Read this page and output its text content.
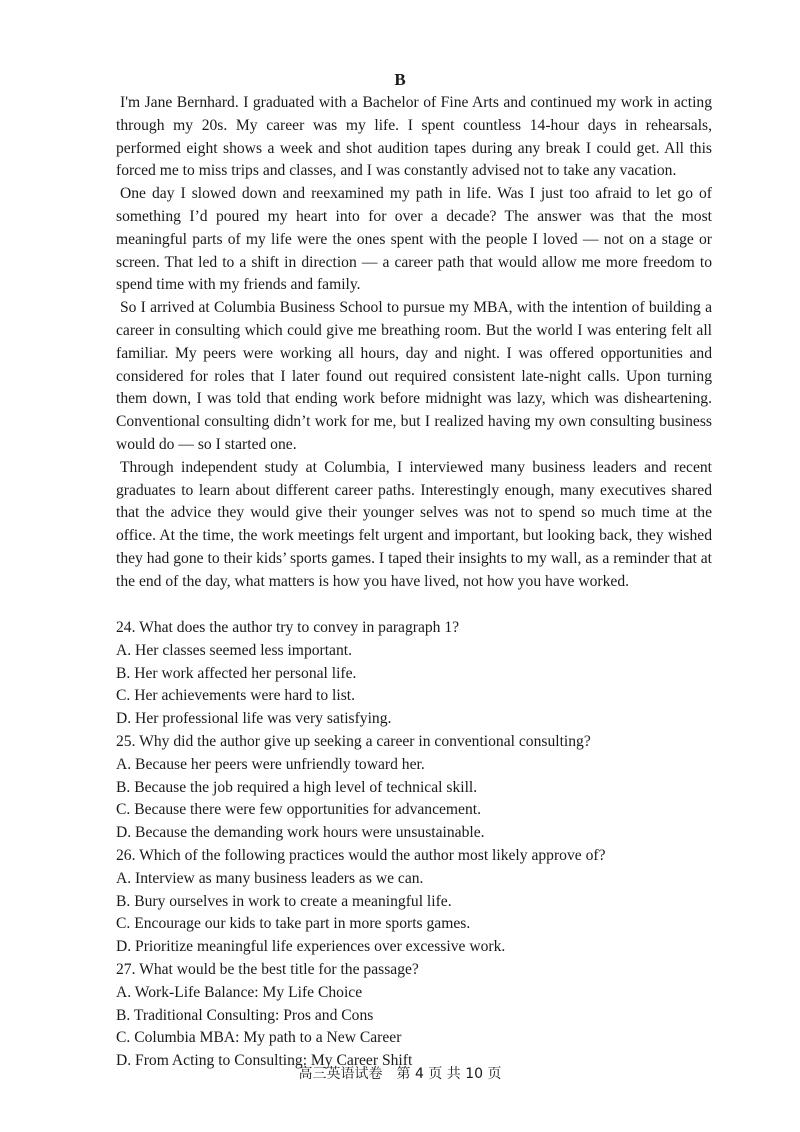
B

I'm Jane Bernhard. I graduated with a Bachelor of Fine Arts and continued my work in acting through my 20s. My career was my life. I spent countless 14-hour days in rehearsals, performed eight shows a week and shot audition tapes during any break I could get. All this forced me to miss trips and classes, and I was constantly advised not to take any vacation.

One day I slowed down and reexamined my path in life. Was I just too afraid to let go of something I’d poured my heart into for over a decade? The answer was that the most meaningful parts of my life were the ones spent with the people I loved — not on a stage or screen. That led to a shift in direction — a career path that would allow me more freedom to spend time with my friends and family.

So I arrived at Columbia Business School to pursue my MBA, with the intention of building a career in consulting which could give me breathing room. But the world I was entering felt all familiar. My peers were working all hours, day and night. I was offered opportunities and considered for roles that I later found out required consistent late-night calls. Upon turning them down, I was told that ending work before midnight was lazy, which was disheartening. Conventional consulting didn’t work for me, but I realized having my own consulting business would do — so I started one.

Through independent study at Columbia, I interviewed many business leaders and recent graduates to learn about different career paths. Interestingly enough, many executives shared that the advice they would give their younger selves was not to spend so much time at the office. At the time, the work meetings felt urgent and important, but looking back, they wished they had gone to their kids’ sports games. I taped their insights to my wall, as a reminder that at the end of the day, what matters is how you have lived, not how you have worked.

24. What does the author try to convey in paragraph 1?

A. Her classes seemed less important.

B. Her work affected her personal life.

C. Her achievements were hard to list.

D. Her professional life was very satisfying.

25. Why did the author give up seeking a career in conventional consulting?

A. Because her peers were unfriendly toward her.

B. Because the job required a high level of technical skill.

C. Because there were few opportunities for advancement.

D. Because the demanding work hours were unsustainable.

26. Which of the following practices would the author most likely approve of?

A. Interview as many business leaders as we can.

B. Bury ourselves in work to create a meaningful life.

C. Encourage our kids to take part in more sports games.

D. Prioritize meaningful life experiences over excessive work.

27. What would be the best title for the passage?

A. Work-Life Balance: My Life Choice

B. Traditional Consulting: Pros and Cons

C. Columbia MBA: My path to a New Career

D. From Acting to Consulting: My Career Shift

高三英语试卷　第 4 页 共 10 页
